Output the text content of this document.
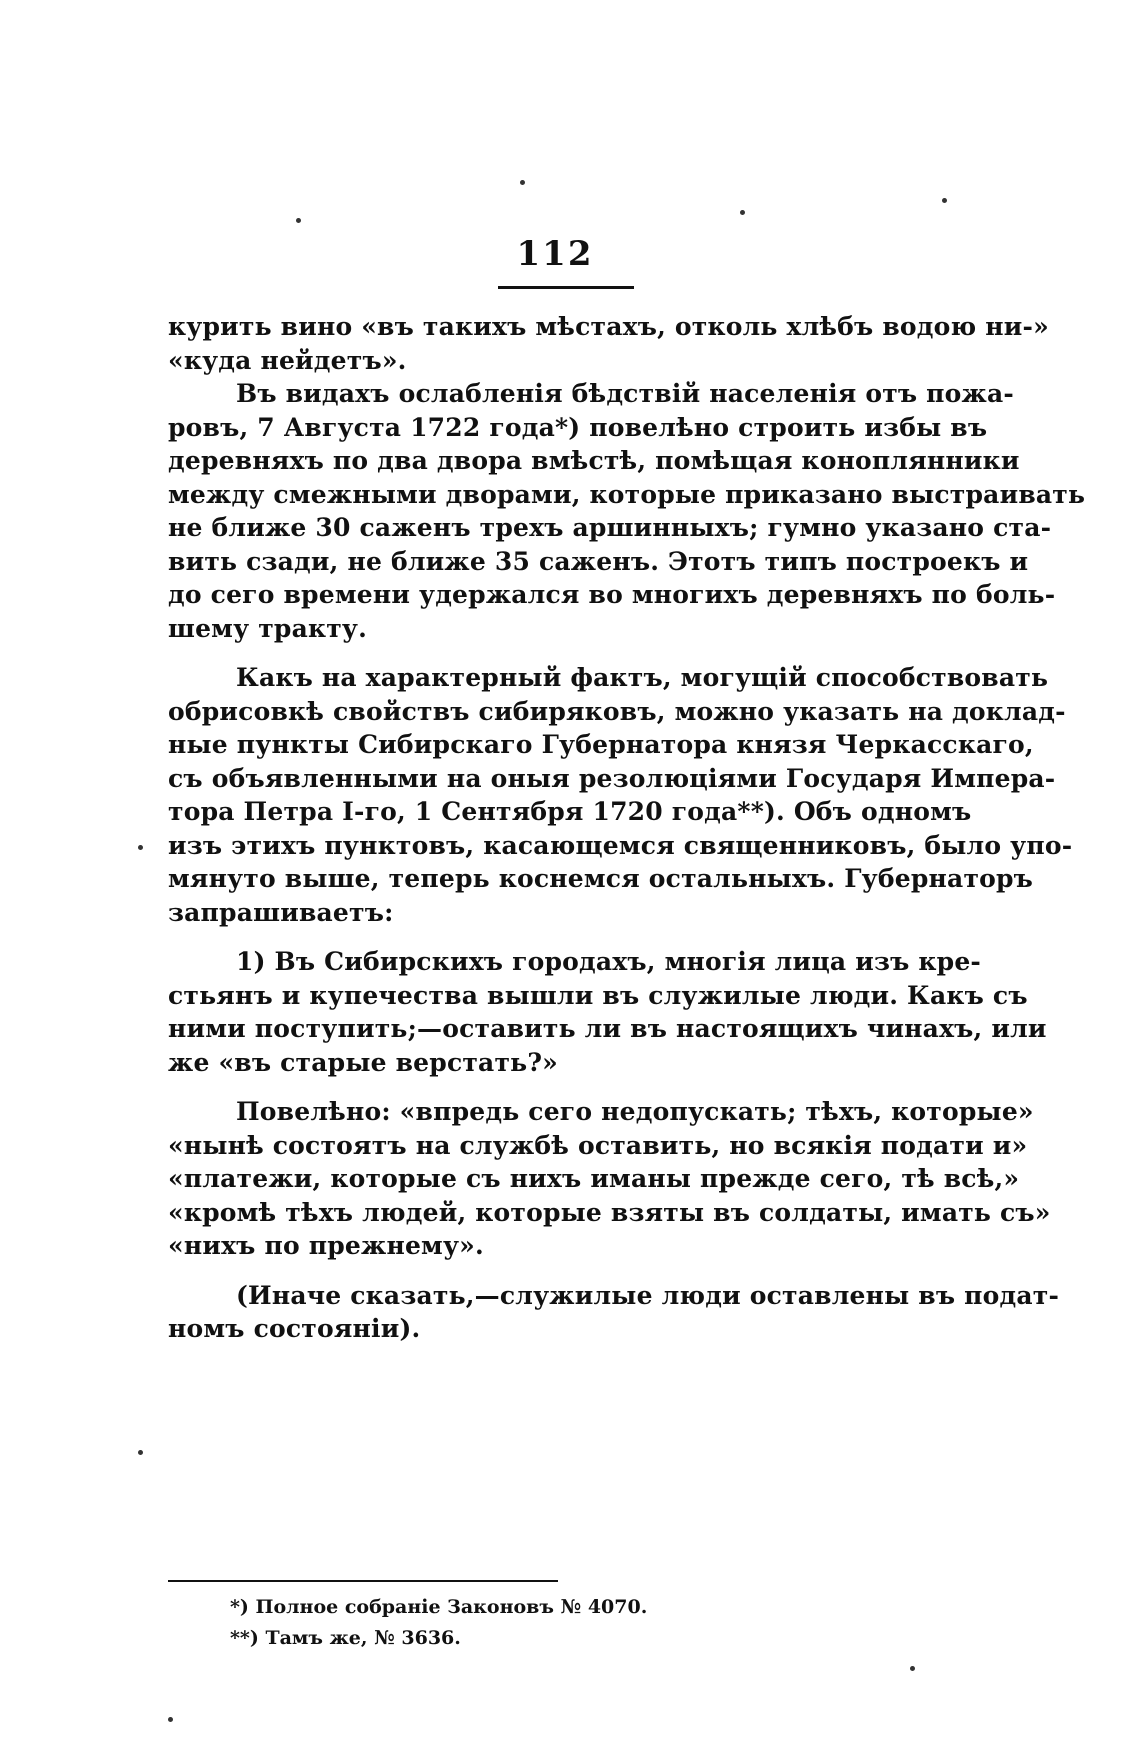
112
курить вино «въ такихъ мѣстахъ, отколь хлѣбъ водою ни-»
«куда нейдетъ».
Въ видахъ ослабленія бѣдствій населенія отъ пожа-
ровъ, 7 Августа 1722 года*) повелѣно строить избы въ
деревняхъ по два двора вмѣстѣ, помѣщая коноплянники
между смежными дворами, которые приказано выстраивать
не ближе 30 саженъ трехъ аршинныхъ; гумно указано ста-
вить сзади, не ближе 35 саженъ. Этотъ типъ построекъ и
до сего времени удержался во многихъ деревняхъ по боль-
шему тракту.
Какъ на характерный фактъ, могущій способствовать
обрисовкѣ свойствъ сибиряковъ, можно указать на доклад-
ные пункты Сибирскаго Губернатора князя Черкасскаго,
съ объявленными на оныя резолюціями Государя Импера-
тора Петра І-го, 1 Сентября 1720 года**). Объ одномъ
изъ этихъ пунктовъ, касающемся священниковъ, было упо-
мянуто выше, теперь коснемся остальныхъ. Губернаторъ
запрашиваетъ:
1) Въ Сибирскихъ городахъ, многія лица изъ кре-
стьянъ и купечества вышли въ служилые люди. Какъ съ
ними поступить;—оставить ли въ настоящихъ чинахъ, или
же «въ старые верстать?»
Повелѣно: «впредь сего недопускать; тѣхъ, которые»
«нынѣ состоятъ на службѣ оставить, но всякія подати и»
«платежи, которые съ нихъ иманы прежде сего, тѣ всѣ,»
«кромѣ тѣхъ людей, которые взяты въ солдаты, имать съ»
«нихъ по прежнему».
(Иначе сказать,—служилые люди оставлены въ подат-
номъ состояніи).
*) Полное собраніе Законовъ № 4070.
**) Тамъ же, № 3636.
